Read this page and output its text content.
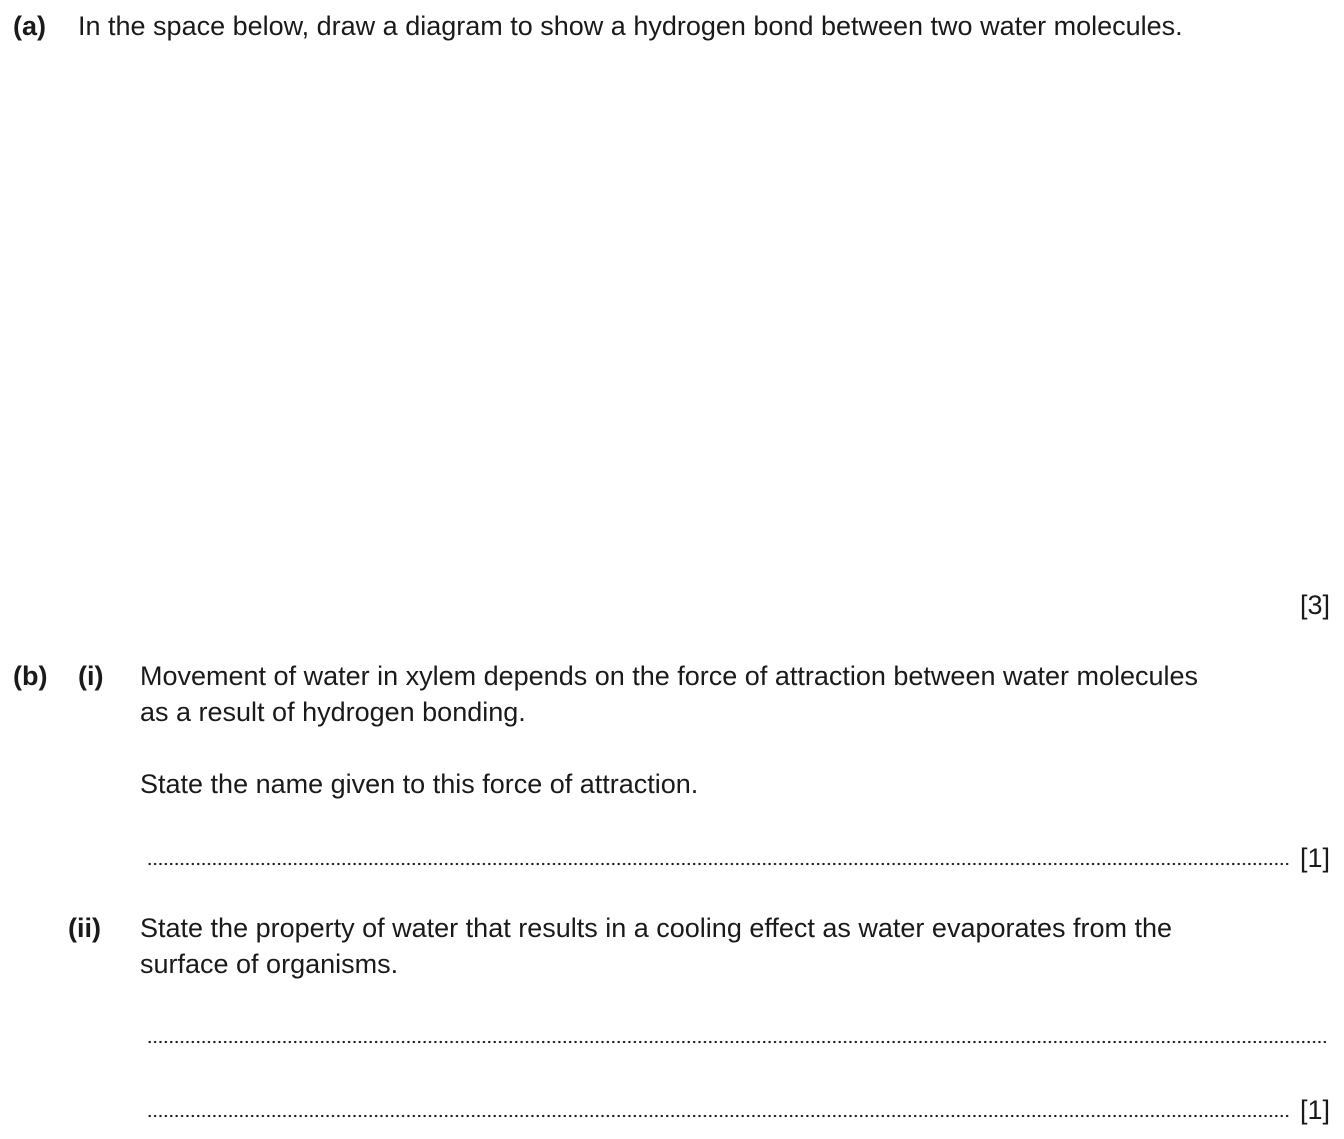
(a) In the space below, draw a diagram to show a hydrogen bond between two water molecules.
[3]
(b) (i) Movement of water in xylem depends on the force of attraction between water molecules
as a result of hydrogen bonding.
State the name given to this force of attraction.
[1]
(ii) State the property of water that results in a cooling effect as water evaporates from the
surface of organisms.
[1]
